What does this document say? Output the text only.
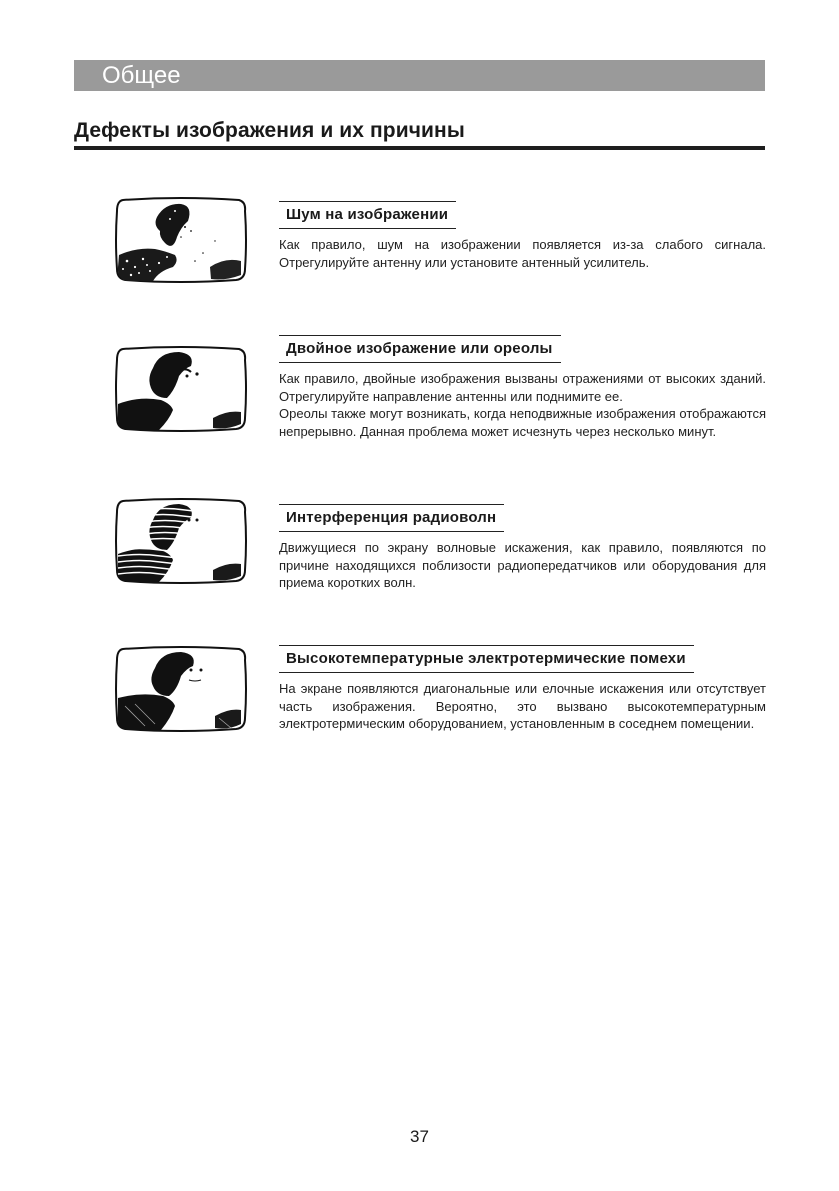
Общее
Дефекты изображения и их причины
Шум на изображении

Как правило, шум на изображении появляется из-за слабого сигнала. Отрегулируйте антенну или установите антенный усилитель.

Двойное изображение или ореолы

Как правило, двойные изображения вызваны отражениями от высоких зданий. Отрегулируйте направление антенны или поднимите ее.

Ореолы также могут возникать, когда неподвижные изображения отображаются непрерывно. Данная проблема может исчезнуть через несколько минут.

Интерференция радиоволн

Движущиеся по экрану волновые искажения, как правило, появляются по причине находящихся поблизости радиопередатчиков или оборудования для приема коротких волн.

Высокотемпературные электротермические помехи

На экране появляются диагональные или елочные искажения или отсутствует часть изображения. Вероятно, это вызвано высокотемпературным электротермическим оборудованием, установленным в соседнем помещении.

37
